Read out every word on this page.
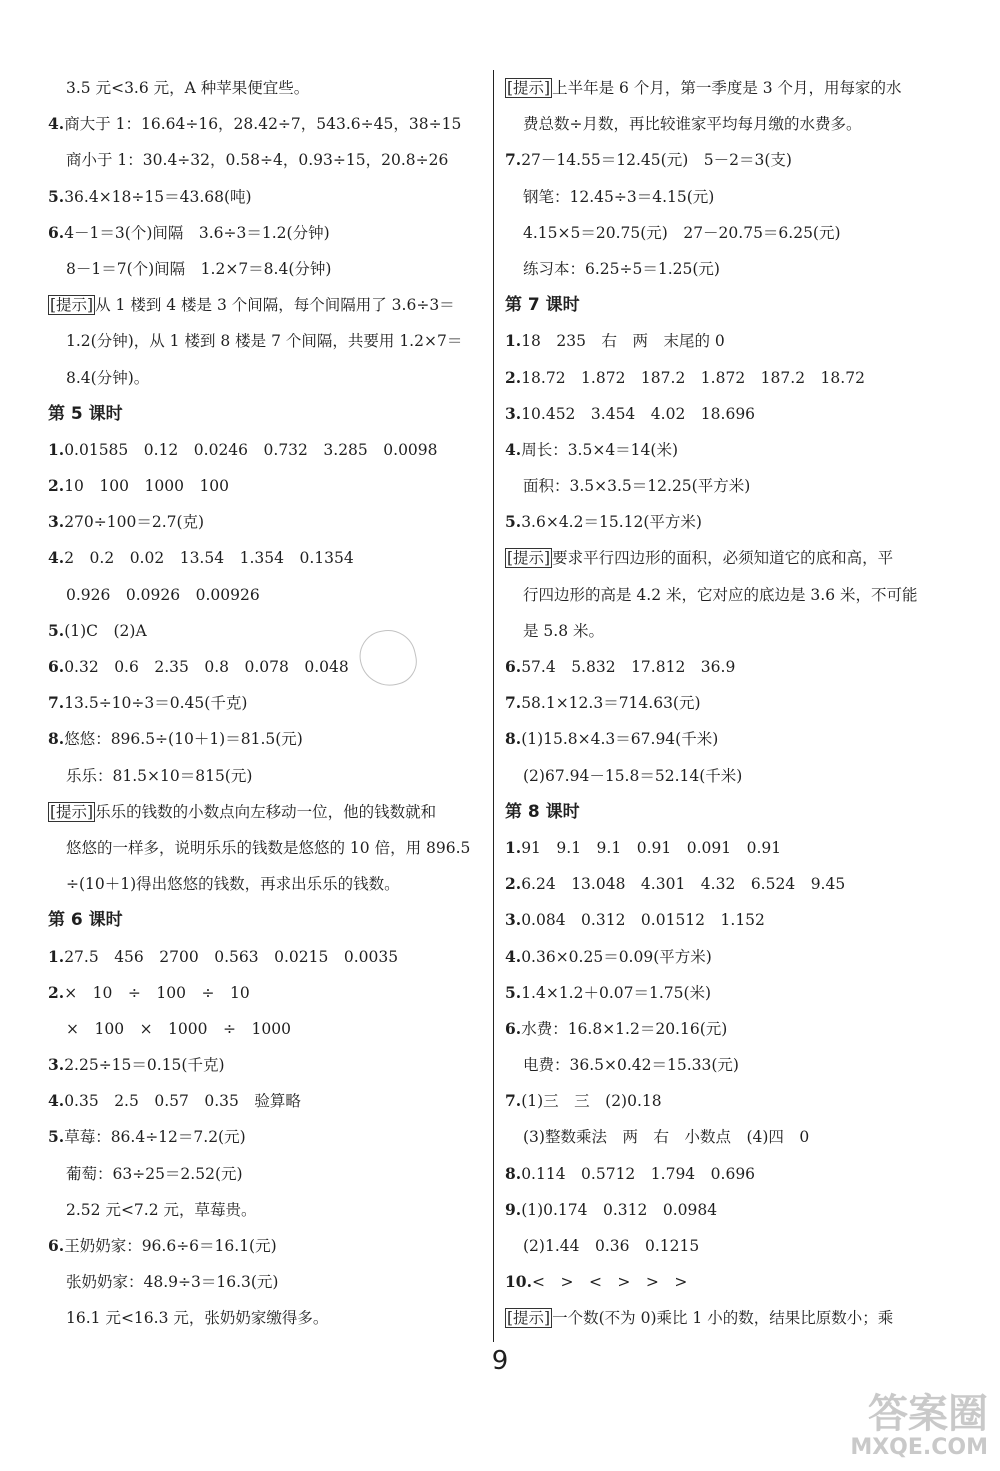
3.5 元<3.6 元，A 种苹果便宜些。
4.商大于 1：16.64÷16，28.42÷7，543.6÷45，38÷15
商小于 1：30.4÷32，0.58÷4，0.93÷15，20.8÷26
5.36.4×18÷15＝43.68(吨)
6.4－1＝3(个)间隔　3.6÷3＝1.2(分钟)
8－1＝7(个)间隔　1.2×7＝8.4(分钟)
[提示] 从 1 楼到 4 楼是 3 个间隔，每个间隔用了 3.6÷3＝
1.2(分钟)，从 1 楼到 8 楼是 7 个间隔，共要用 1.2×7＝
8.4(分钟)。
第 5 课时
1.0.01585　0.12　0.0246　0.732　3.285　0.0098
2.10　100　1000　100
3.270÷100＝2.7(克)
4.2　0.2　0.02　13.54　1.354　0.1354
0.926　0.0926　0.00926
5.(1)C　(2)A
6.0.32　0.6　2.35　0.8　0.078　0.048
7.13.5÷10÷3＝0.45(千克)
8.悠悠：896.5÷(10＋1)＝81.5(元)
乐乐：81.5×10＝815(元)
[提示] 乐乐的钱数的小数点向左移动一位，他的钱数就和
悠悠的一样多，说明乐乐的钱数是悠悠的 10 倍，用 896.5
÷(10＋1)得出悠悠的钱数，再求出乐乐的钱数。
第 6 课时
1.27.5　456　2700　0.563　0.0215　0.0035
2.×　10　÷　100　÷　10
×　100　×　1000　÷　1000
3.2.25÷15＝0.15(千克)
4.0.35　2.5　0.57　0.35　验算略
5.草莓：86.4÷12＝7.2(元)
葡萄：63÷25＝2.52(元)
2.52 元<7.2 元，草莓贵。
6.王奶奶家：96.6÷6＝16.1(元)
张奶奶家：48.9÷3＝16.3(元)
16.1 元<16.3 元，张奶奶家缴得多。
[提示] 上半年是 6 个月，第一季度是 3 个月，用每家的水
费总数÷月数，再比较谁家平均每月缴的水费多。
7.27－14.55＝12.45(元)　5－2＝3(支)
钢笔：12.45÷3＝4.15(元)
4.15×5＝20.75(元)　27－20.75＝6.25(元)
练习本：6.25÷5＝1.25(元)
第 7 课时
1.18　235　右　两　末尾的 0
2.18.72　1.872　187.2　1.872　187.2　18.72
3.10.452　3.454　4.02　18.696
4.周长：3.5×4＝14(米)
面积：3.5×3.5＝12.25(平方米)
5.3.6×4.2＝15.12(平方米)
[提示] 要求平行四边形的面积，必须知道它的底和高，平
行四边形的高是 4.2 米，它对应的底边是 3.6 米，不可能
是 5.8 米。
6.57.4　5.832　17.812　36.9
7.58.1×12.3＝714.63(元)
8.(1)15.8×4.3＝67.94(千米)
(2)67.94－15.8＝52.14(千米)
第 8 课时
1.91　9.1　9.1　0.91　0.091　0.91
2.6.24　13.048　4.301　4.32　6.524　9.45
3.0.084　0.312　0.01512　1.152
4.0.36×0.25＝0.09(平方米)
5.1.4×1.2＋0.07＝1.75(米)
6.水费：16.8×1.2＝20.16(元)
电费：36.5×0.42＝15.33(元)
7.(1)三　三　(2)0.18
(3)整数乘法　两　右　小数点　(4)四　0
8.0.114　0.5712　1.794　0.696
9.(1)0.174　0.312　0.0984
(2)1.44　0.36　0.1215
10.<　>　<　>　>　>
[提示] 一个数(不为 0)乘比 1 小的数，结果比原数小；乘
9
答案圈
MXQE.COM
